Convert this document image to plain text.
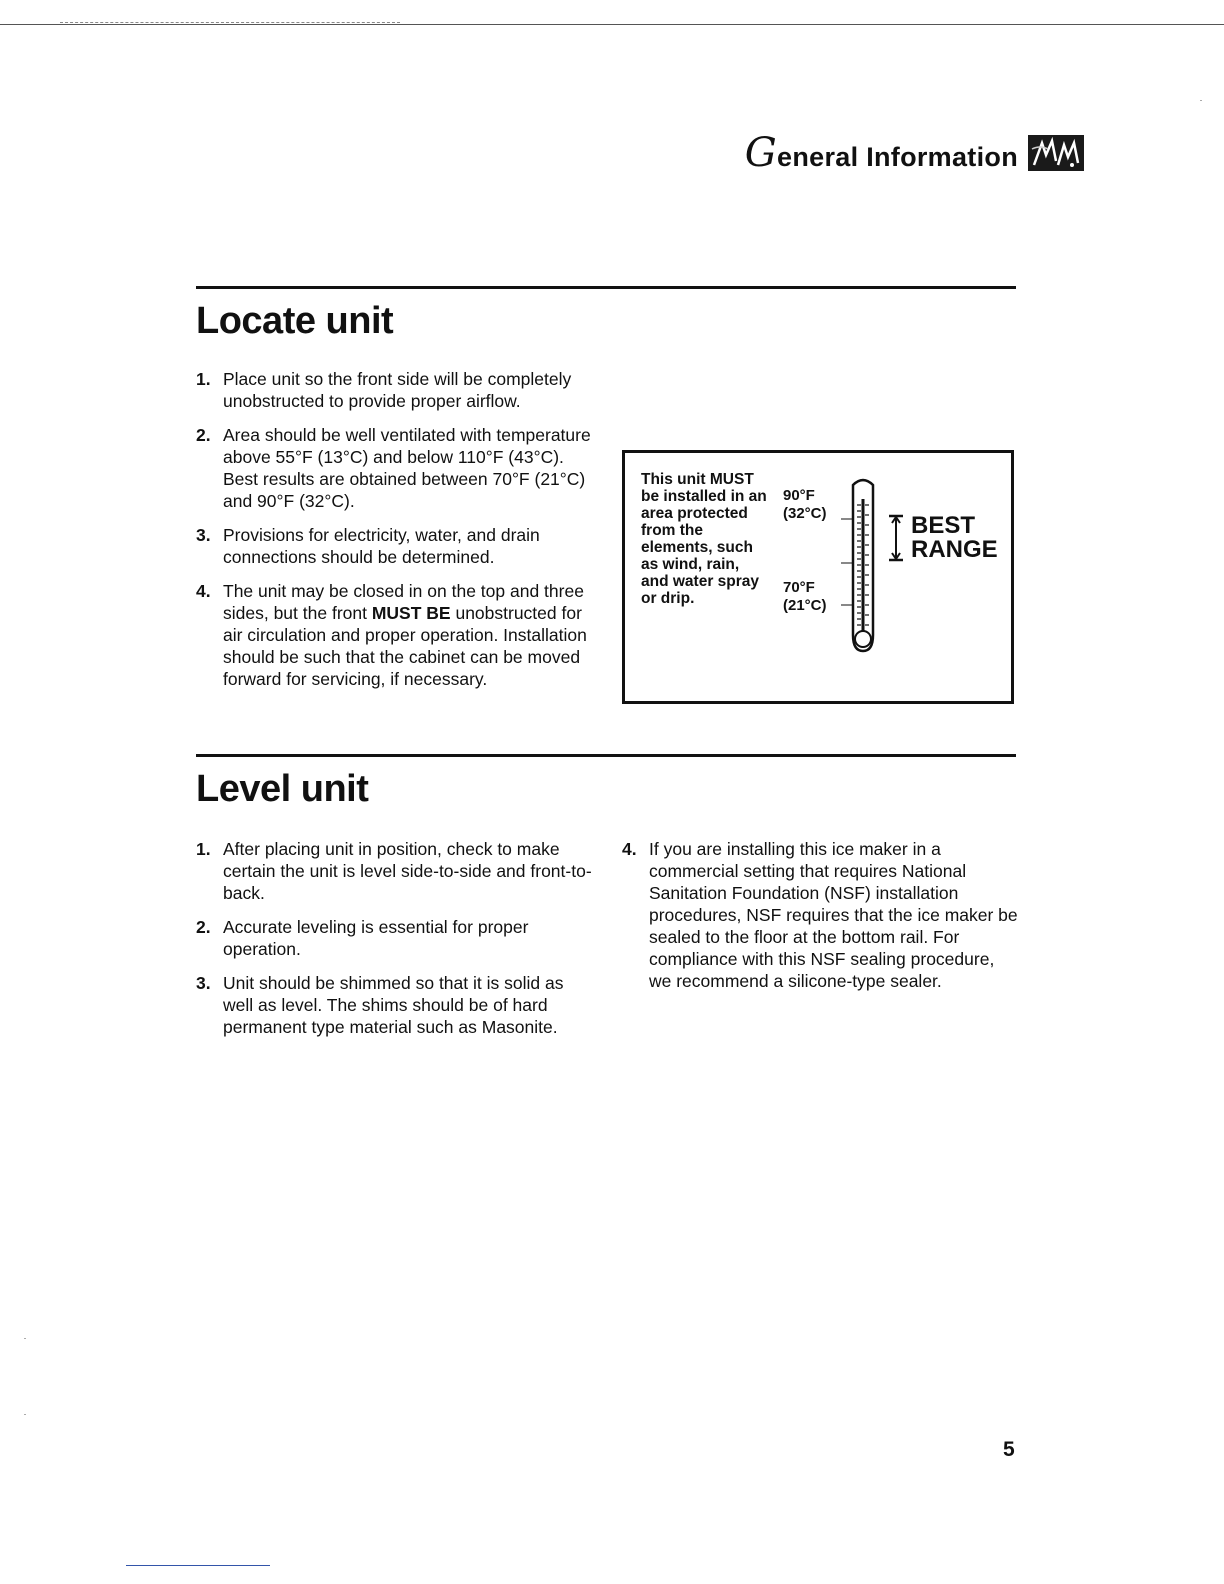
General Information
Locate unit
1. Place unit so the front side will be completely unobstructed to provide proper airflow.
2. Area should be well ventilated with temperature above 55°F (13°C) and below 110°F (43°C). Best results are obtained between 70°F (21°C) and 90°F (32°C).
3. Provisions for electricity, water, and drain connections should be determined.
4. The unit may be closed in on the top and three sides, but the front MUST BE unobstructed for air circulation and proper operation. Installation should be such that the cabinet can be moved forward for servicing, if necessary.

This unit MUST be installed in an area protected from the elements, such as wind, rain, and water spray or drip.

90°F
(32°C)
70°F
(21°C)
BEST
RANGE
Level unit
1. After placing unit in position, check to make certain the unit is level side-to-side and front-to-back.
2. Accurate leveling is essential for proper operation.
3. Unit should be shimmed so that it is solid as well as level. The shims should be of hard permanent type material such as Masonite.
4. If you are installing this ice maker in a commercial setting that requires National Sanitation Foundation (NSF) installation procedures, NSF requires that the ice maker be sealed to the floor at the bottom rail. For compliance with this NSF sealing procedure, we recommend a silicone-type sealer.
5
